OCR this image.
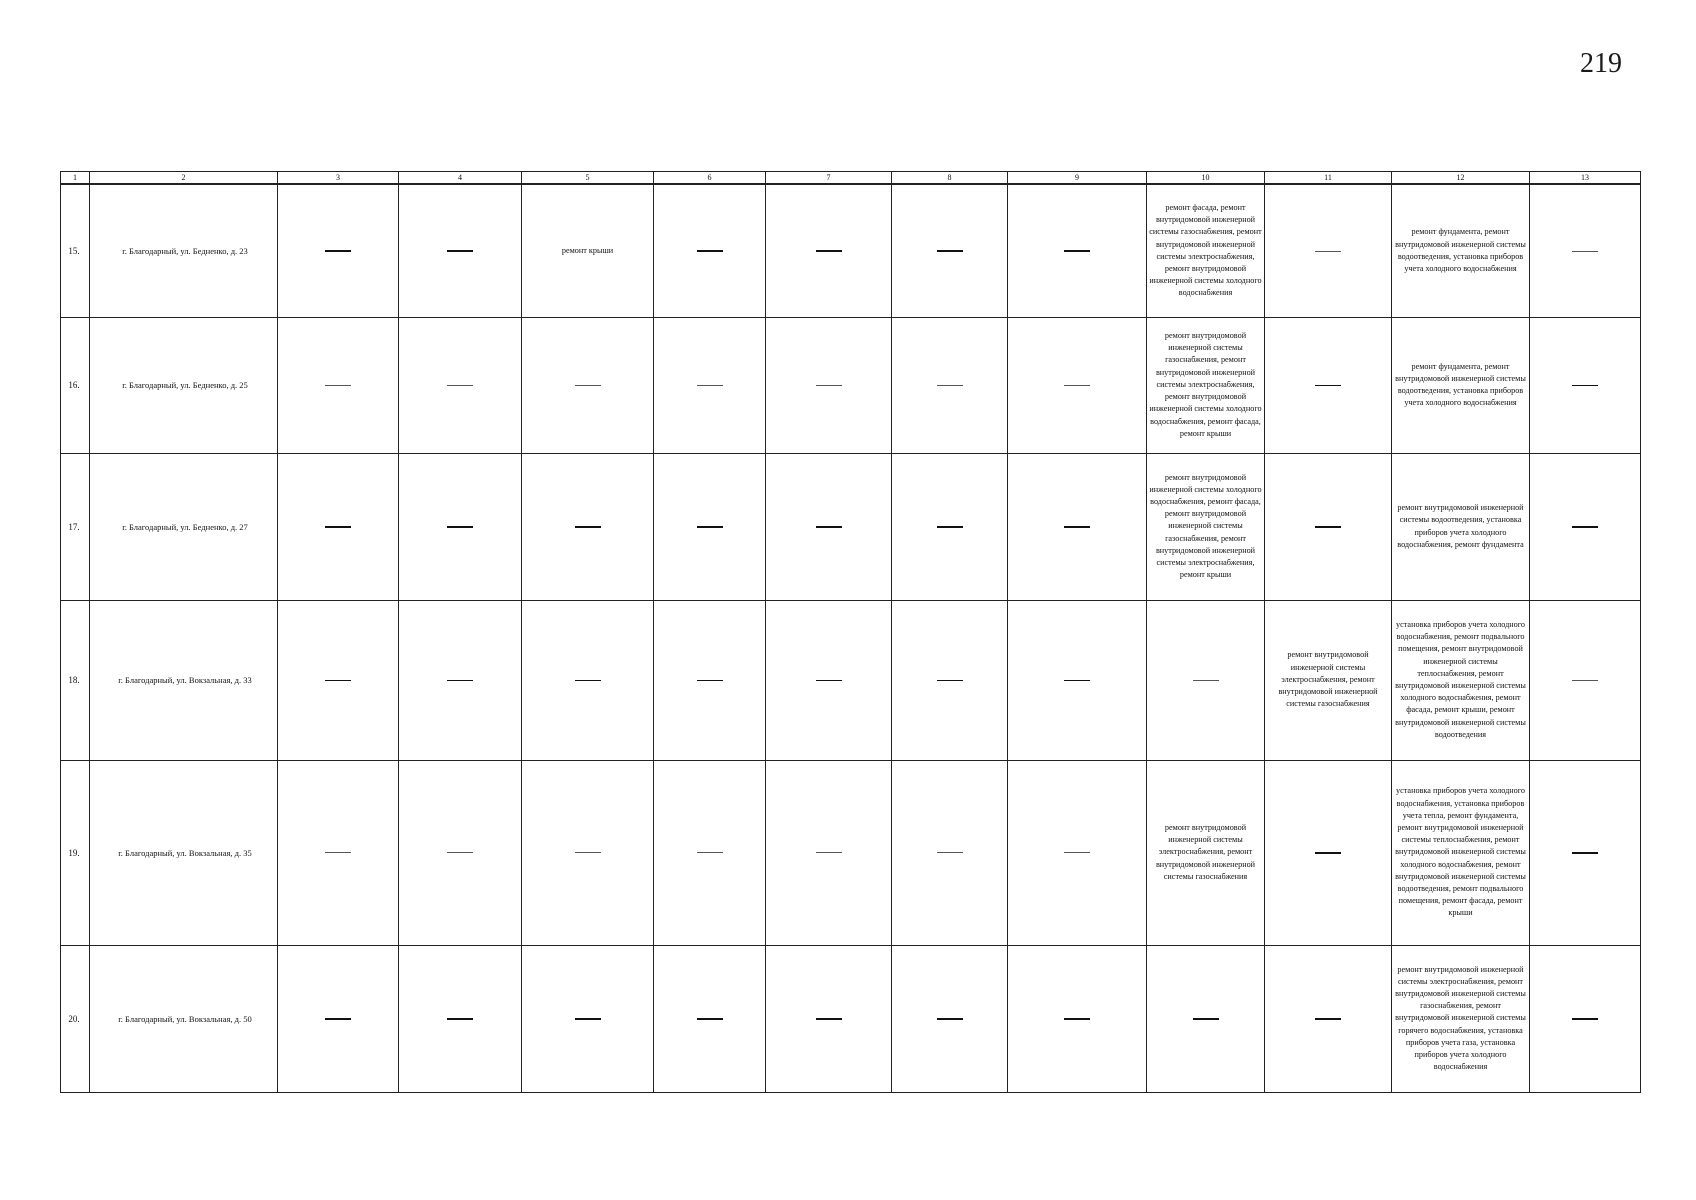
219
1	2	3	4	5	6	7	8	9	10	11	12	13
15.	г. Благодарный, ул. Бедненко, д. 23			ремонт крыши					ремонт фасада, ремонт внутридомовой инженерной системы газоснабжения, ремонт внутридомовой инженерной системы электроснабжения, ремонт внутридомовой инженерной системы холодного водоснабжения		ремонт фундамента, ремонт внутридомовой инженерной системы водоотведения, установка приборов учета холодного водоснабжения	
16.	г. Благодарный, ул. Бедненко, д. 25								ремонт внутридомовой инженерной системы газоснабжения, ремонт внутридомовой инженерной системы электроснабжения, ремонт внутридомовой инженерной системы холодного водоснабжения, ремонт фасада, ремонт крыши		ремонт фундамента, ремонт внутридомовой инженерной системы водоотведения, установка приборов учета холодного водоснабжения	
17.	г. Благодарный, ул. Бедненко, д. 27								ремонт внутридомовой инженерной системы холодного водоснабжения, ремонт фасада, ремонт внутридомовой инженерной системы газоснабжения, ремонт внутридомовой инженерной системы электроснабжения, ремонт крыши		ремонт внутридомовой инженерной системы водоотведения, установка приборов учета холодного водоснабжения, ремонт фундамента	
18.	г. Благодарный, ул. Вокзальная, д. 33									ремонт внутридомовой инженерной системы электроснабжения, ремонт внутридомовой инженерной системы газоснабжения	установка приборов учета холодного водоснабжения, ремонт подвального помещения, ремонт внутридомовой инженерной системы теплоснабжения, ремонт внутридомовой инженерной системы холодного водоснабжения, ремонт фасада, ремонт крыши, ремонт внутридомовой инженерной системы водоотведения	
19.	г. Благодарный, ул. Вокзальная, д. 35								ремонт внутридомовой инженерной системы электроснабжения, ремонт внутридомовой инженерной системы газоснабжения		установка приборов учета холодного водоснабжения, установка приборов учета тепла, ремонт фундамента, ремонт внутридомовой инженерной системы теплоснабжения, ремонт внутридомовой инженерной системы холодного водоснабжения, ремонт внутридомовой инженерной системы водоотведения, ремонт подвального помещения, ремонт фасада, ремонт крыши	
20.	г. Благодарный, ул. Вокзальная, д. 50										ремонт внутридомовой инженерной системы электроснабжения, ремонт внутридомовой инженерной системы газоснабжения, ремонт внутридомовой инженерной системы горячего водоснабжения, установка приборов учета газа, установка приборов учета холодного водоснабжения	
